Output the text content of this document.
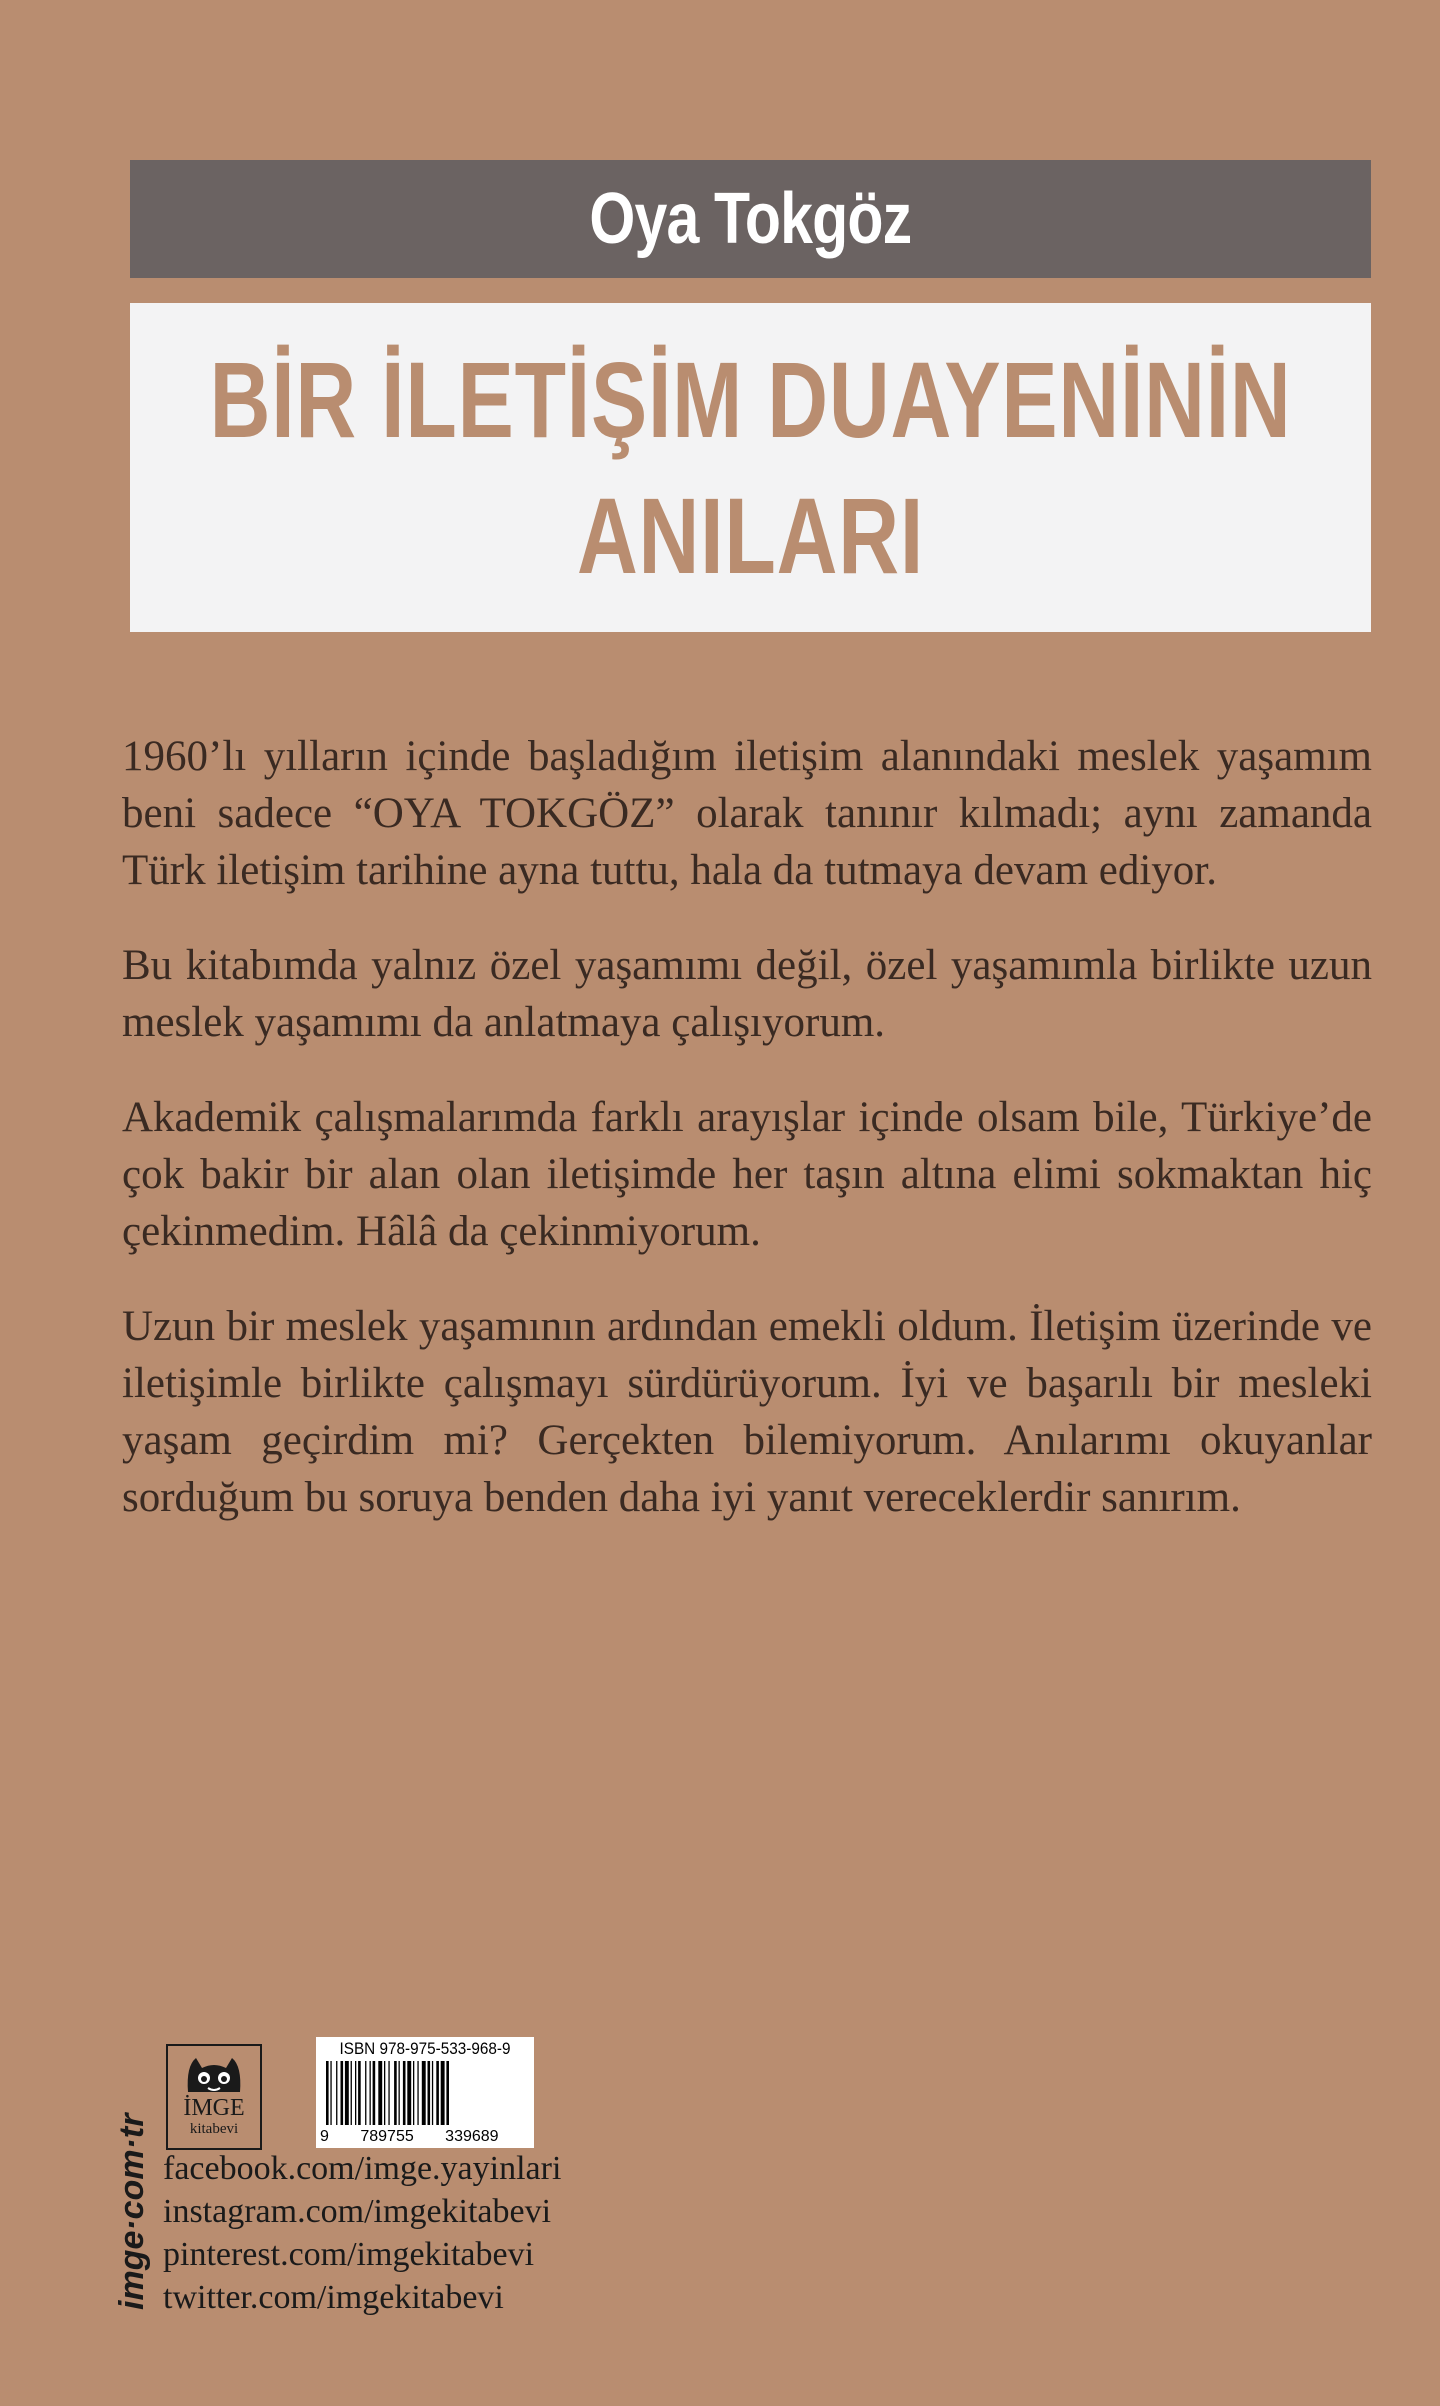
Oya Tokgöz
BİR İLETİŞİM DUAYENİNİN
ANILARI

1960’lı yılların içinde başladığım iletişim alanındaki meslek yaşamım beni sadece “OYA TOKGÖZ” olarak tanınır kılmadı; aynı zamanda Türk iletişim tarihine ayna tuttu, hala da tutmaya devam ediyor.

Bu kitabımda yalnız özel yaşamımı değil, özel yaşamımla birlikte uzun meslek yaşamımı da anlatmaya çalışıyorum.

Akademik çalışmalarımda farklı arayışlar içinde olsam bile, Türkiye’de çok bakir bir alan olan iletişimde her taşın altına elimi sokmaktan hiç çekinmedim. Hâlâ da çekinmiyorum.

Uzun bir meslek yaşamının ardından emekli oldum. İletişim üzerinde ve iletişimle birlikte çalışmayı sürdürüyorum. İyi ve başarılı bir mesleki yaşam geçirdim mi? Gerçekten bilemiyorum. Anılarımı okuyanlar sorduğum bu soruya benden daha iyi yanıt vereceklerdir sanırım.

imge·com·tr
İMGE
kitabevi
ISBN 978-975-533-968-9
9 789755 339689
facebook.com/imge.yayinlari
instagram.com/imgekitabevi
pinterest.com/imgekitabevi
twitter.com/imgekitabevi
